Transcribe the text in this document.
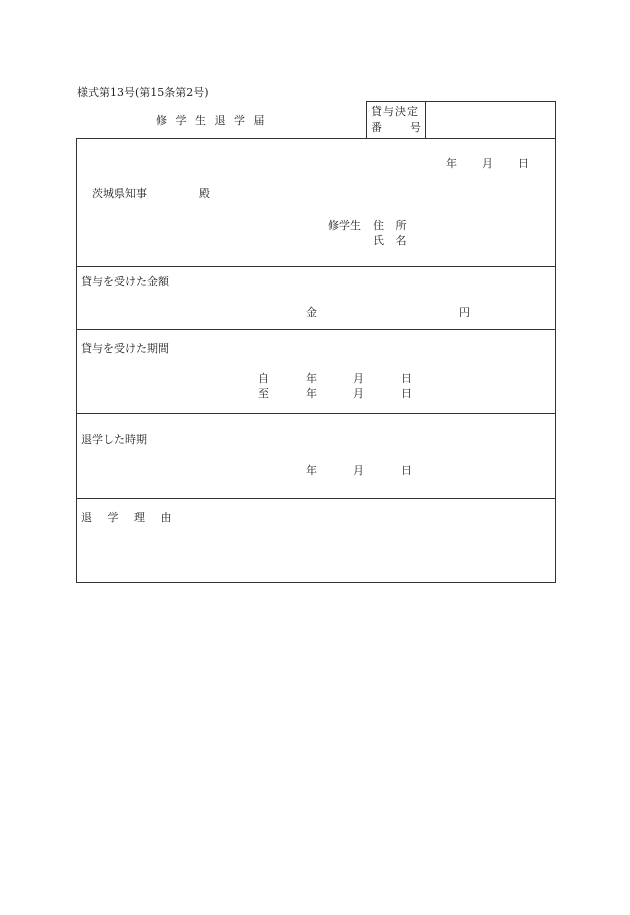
様式第13号(第15条第2号)
修学生退学届
貸与決定
番	号
年 月 日
茨城県知事	殿
修学生 住 所
氏 名
貸与を受けた金額
金	円
貸与を受けた期間
自	年	月	日
至	年	月	日
退学した時期
年	月	日
退 学 理 由
